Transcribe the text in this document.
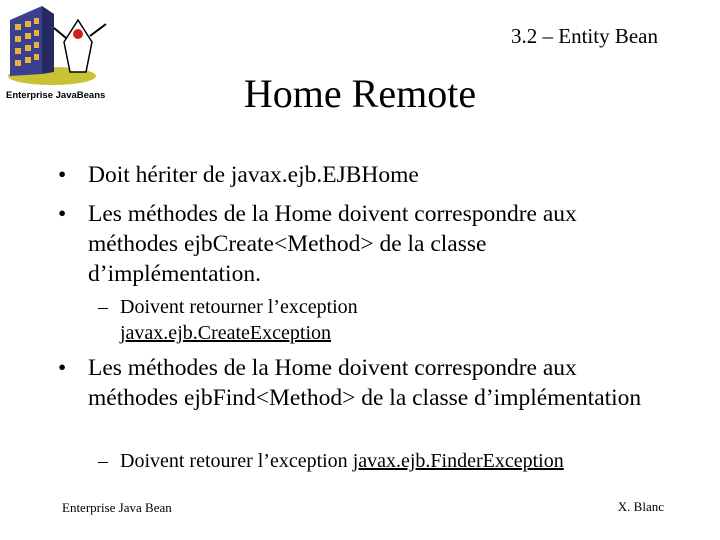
Enterprise JavaBeans
3.2 – Entity Bean
Home Remote
• Doit hériter de javax.ejb.EJBHome
• Les méthodes de la Home doivent correspondre aux méthodes ejbCreate<Method> de la classe d’implémentation.
– Doivent retourner l’exception
javax.ejb.CreateException
• Les méthodes de la Home doivent correspondre aux méthodes ejbFind<Method> de la classe d’implémentation
– Doivent retourer l’exception javax.ejb.FinderException
Enterprise Java Bean	X. Blanc
